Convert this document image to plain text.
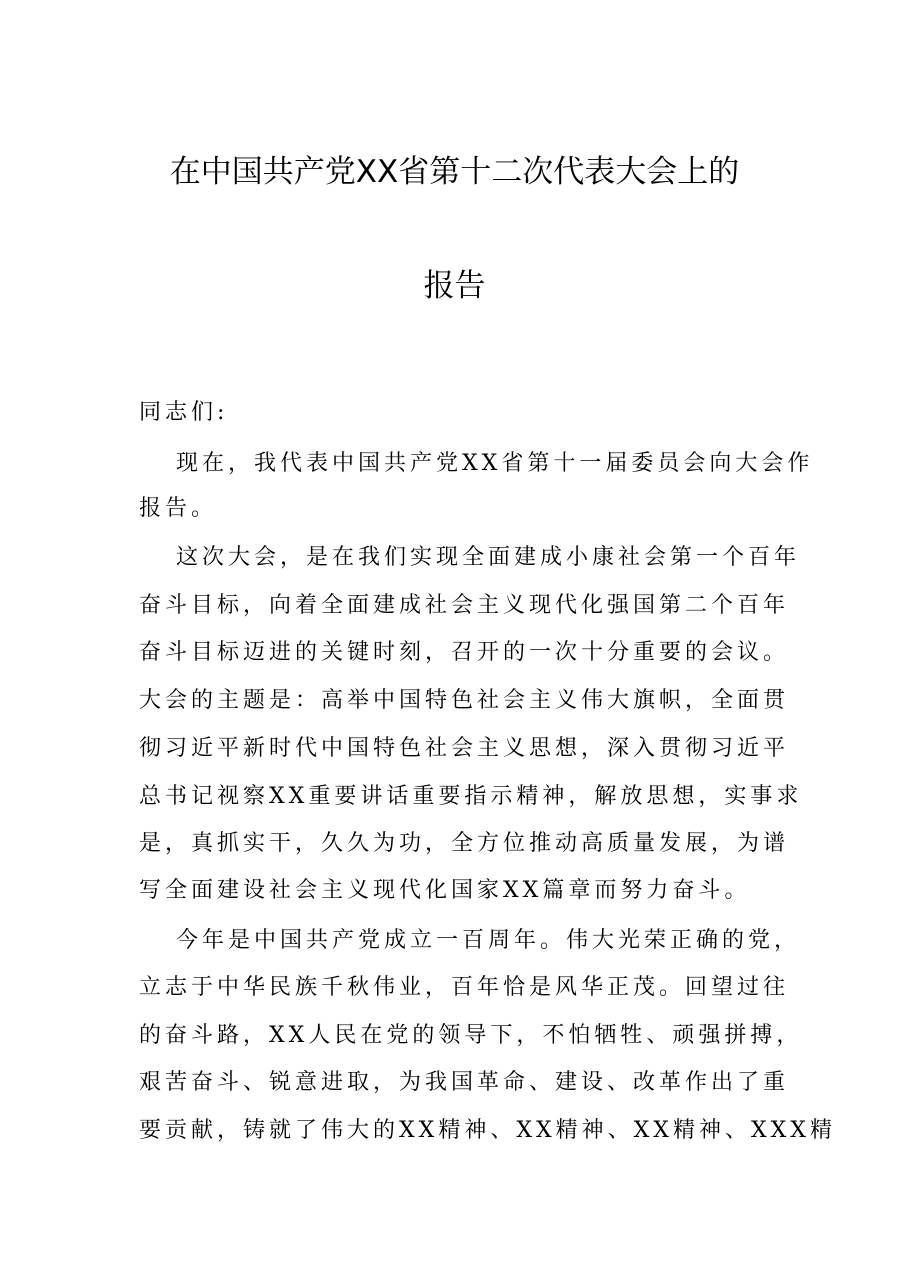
在中国共产党XX省第十二次代表大会上的
报告
同志们:
现在，我代表中国共产党XX省第十一届委员会向大会作
报告。
这次大会，是在我们实现全面建成小康社会第一个百年
奋斗目标，向着全面建成社会主义现代化强国第二个百年
奋斗目标迈进的关键时刻，召开的一次十分重要的会议。
大会的主题是：高举中国特色社会主义伟大旗帜，全面贯
彻习近平新时代中国特色社会主义思想，深入贯彻习近平
总书记视察XX重要讲话重要指示精神，解放思想，实事求
是，真抓实干，久久为功，全方位推动高质量发展，为谱
写全面建设社会主义现代化国家XX篇章而努力奋斗。
今年是中国共产党成立一百周年。伟大光荣正确的党，
立志于中华民族千秋伟业，百年恰是风华正茂。回望过往
的奋斗路，XX人民在党的领导下，不怕牺牲、顽强拼搏，
艰苦奋斗、锐意进取，为我国革命、建设、改革作出了重
要贡献，铸就了伟大的XX精神、XX精神、XX精神、XXX精
